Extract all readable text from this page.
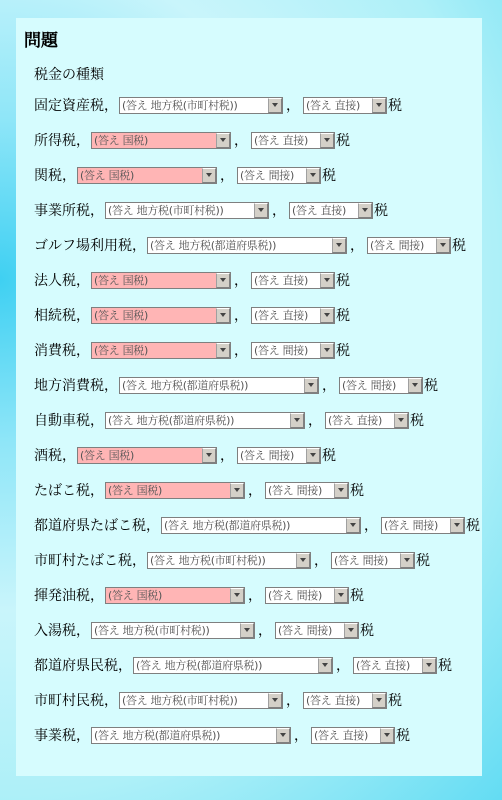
問題
税金の種類
固定資産税， (答え 地方税(市町村税))	， (答え 直接)	税
所得税， (答え 国税)	， (答え 直接)	税
関税， (答え 国税)	， (答え 間接)	税
事業所税， (答え 地方税(市町村税))	， (答え 直接)	税
ゴルフ場利用税， (答え 地方税(都道府県税))	， (答え 間接)	税
法人税， (答え 国税)	， (答え 直接)	税
相続税， (答え 国税)	， (答え 直接)	税
消費税， (答え 国税)	， (答え 間接)	税
地方消費税， (答え 地方税(都道府県税))	， (答え 間接)	税
自動車税， (答え 地方税(都道府県税))	， (答え 直接)	税
酒税， (答え 国税)	， (答え 間接)	税
たばこ税， (答え 国税)	， (答え 間接)	税
都道府県たばこ税， (答え 地方税(都道府県税))	， (答え 間接)	税
市町村たばこ税， (答え 地方税(市町村税))	， (答え 間接)	税
揮発油税， (答え 国税)	， (答え 間接)	税
入湯税， (答え 地方税(市町村税))	， (答え 間接)	税
都道府県民税， (答え 地方税(都道府県税))	， (答え 直接)	税
市町村民税， (答え 地方税(市町村税))	， (答え 直接)	税
事業税， (答え 地方税(都道府県税))	， (答え 直接)	税
